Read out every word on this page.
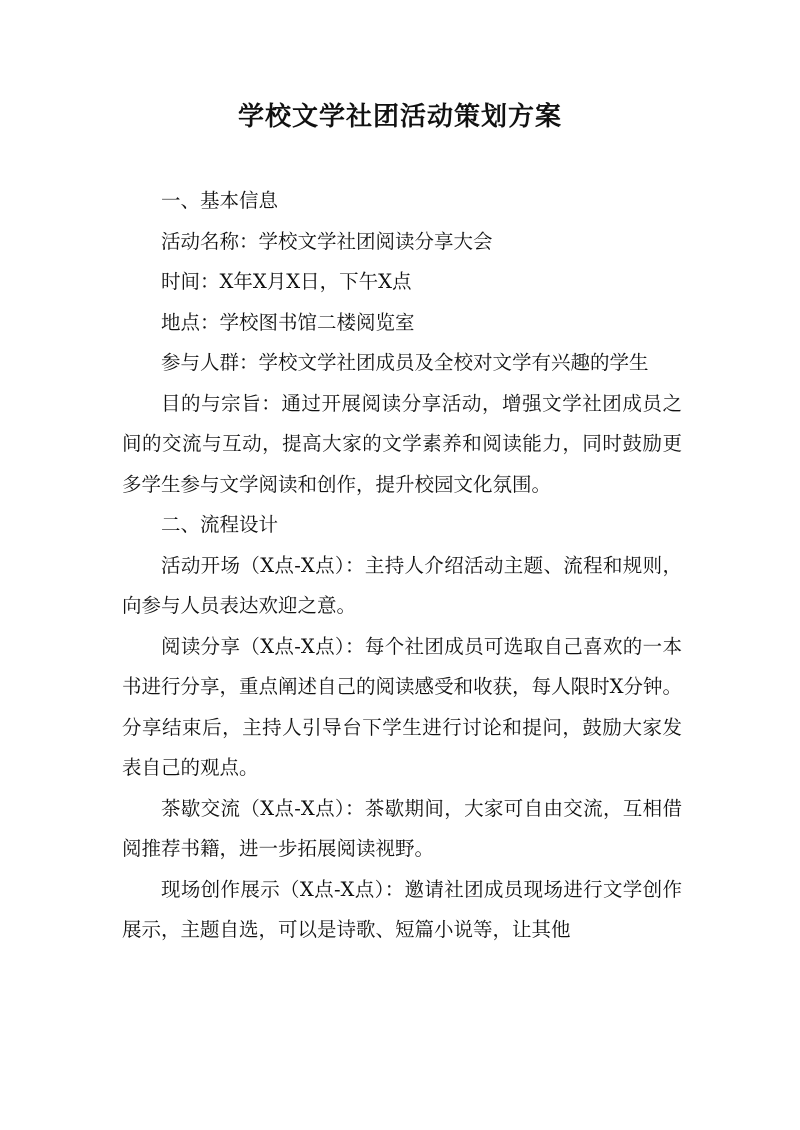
学校文学社团活动策划方案

一、基本信息

活动名称：学校文学社团阅读分享大会

时间：X年X月X日，下午X点

地点：学校图书馆二楼阅览室

参与人群：学校文学社团成员及全校对文学有兴趣的学生

目的与宗旨：通过开展阅读分享活动，增强文学社团成员之间的交流与互动，提高大家的文学素养和阅读能力，同时鼓励更多学生参与文学阅读和创作，提升校园文化氛围。

二、流程设计

活动开场（X点-X点）：主持人介绍活动主题、流程和规则，向参与人员表达欢迎之意。

阅读分享（X点-X点）：每个社团成员可选取自己喜欢的一本书进行分享，重点阐述自己的阅读感受和收获，每人限时X分钟。分享结束后，主持人引导台下学生进行讨论和提问，鼓励大家发表自己的观点。

茶歇交流（X点-X点）：茶歇期间，大家可自由交流，互相借阅推荐书籍，进一步拓展阅读视野。

现场创作展示（X点-X点）：邀请社团成员现场进行文学创作展示，主题自选，可以是诗歌、短篇小说等，让其他
